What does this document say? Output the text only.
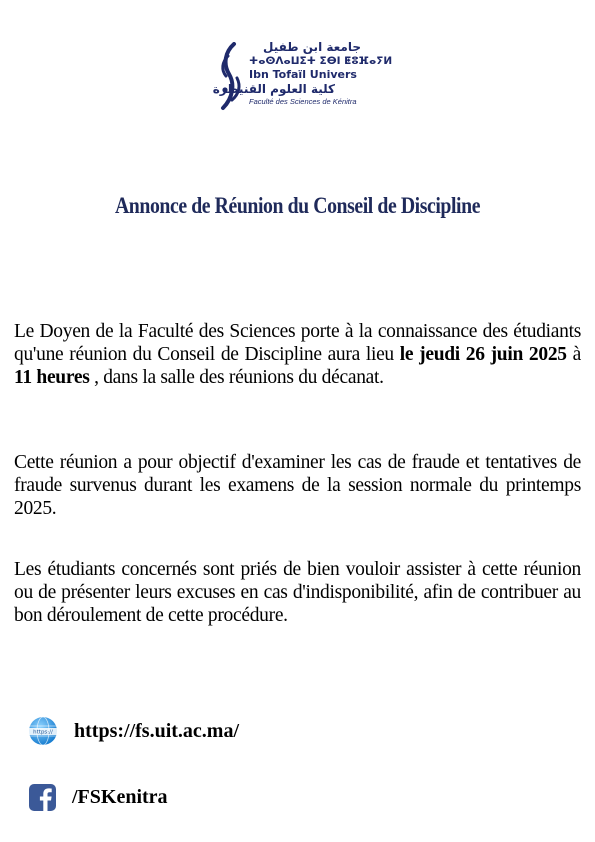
جامعة ابن طفيل
ⵜⴰⵙⴷⴰⵡⵉⵜ ⵉⴱⵏ ⵟⵓⴼⴰⵢⵍ
Ibn Tofaïl Univers
كلية العلوم القنيطرة
Faculté des Sciences de Kénitra
Annonce de Réunion du Conseil de Discipline

Le Doyen de la Faculté des Sciences porte à la connaissance des étudiants qu'une réunion du Conseil de Discipline aura lieu le jeudi 26 juin 2025 à 11 heures , dans la salle des réunions du décanat.

Cette réunion a pour objectif d'examiner les cas de fraude et tentatives de fraude survenus durant les examens de la session normale du printemps 2025.

Les étudiants concernés sont priés de bien vouloir assister à cette réunion ou de présenter leurs excuses en cas d'indisponibilité, afin de contribuer au bon déroulement de cette procédure.

https:// https://fs.uit.ac.ma/
/FSKenitra
